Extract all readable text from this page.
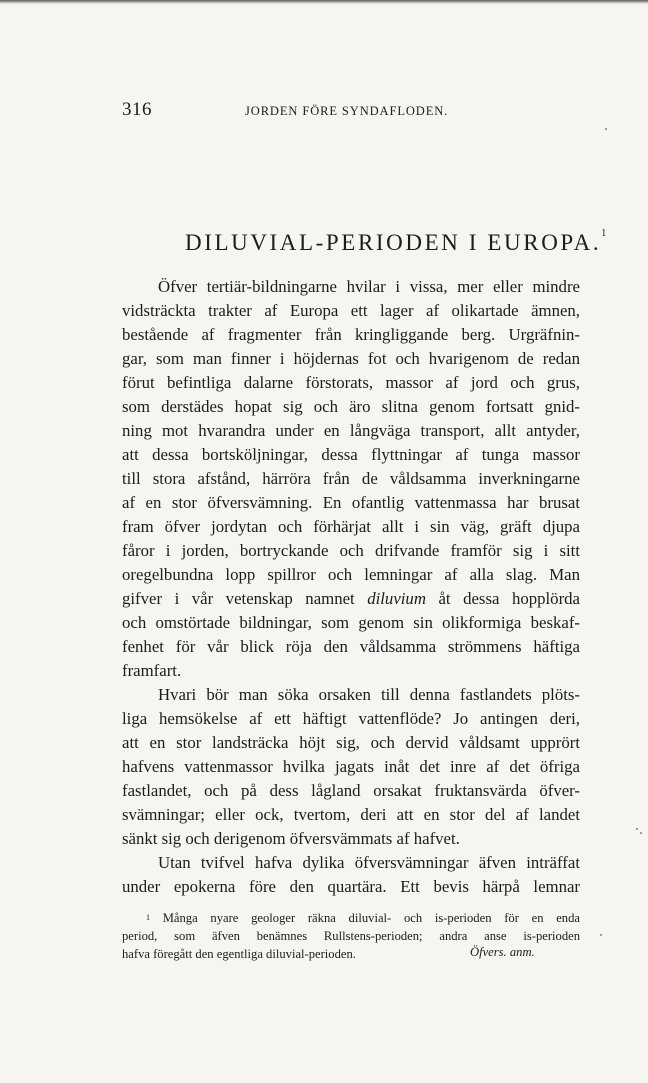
316	JORDEN FÖRE SYNDAFLODEN.
DILUVIAL-PERIODEN I EUROPA.$^1$
Öfver tertiär-bildningarne hvilar i vissa, mer eller mindre
vidsträckta trakter af Europa ett lager af olikartade ämnen,
bestående af fragmenter från kringliggande berg. Urgräfnin-
gar, som man finner i höjdernas fot och hvarigenom de redan
förut befintliga dalarne förstorats, massor af jord och grus,
som derstädes hopat sig och äro slitna genom fortsatt gnid-
ning mot hvarandra under en långväga transport, allt antyder,
att dessa bortsköljningar, dessa flyttningar af tunga massor
till stora afstånd, härröra från de våldsamma inverkningarne
af en stor öfversvämning. En ofantlig vattenmassa har brusat
fram öfver jordytan och förhärjat allt i sin väg, gräft djupa
fåror i jorden, bortryckande och drifvande framför sig i sitt
oregelbundna lopp spillror och lemningar af alla slag. Man
gifver i vår vetenskap namnet diluvium åt dessa hopplörda
och omstörtade bildningar, som genom sin olikformiga beskaf-
fenhet för vår blick röja den våldsamma strömmens häftiga
framfart.
Hvari bör man söka orsaken till denna fastlandets plöts-
liga hemsökelse af ett häftigt vattenflöde? Jo antingen deri,
att en stor landsträcka höjt sig, och dervid våldsamt upprört
hafvens vattenmassor hvilka jagats inåt det inre af det öfriga
fastlandet, och på dess lågland orsakat fruktansvärda öfver-
svämningar; eller ock, tvertom, deri att en stor del af landet
sänkt sig och derigenom öfversvämmats af hafvet.
Utan tvifvel hafva dylika öfversvämningar äfven inträffat
under epokerna före den quartära. Ett bevis härpå lemnar
$^1$ Många nyare geologer räkna diluvial- och is-perioden för en enda
period, som äfven benämnes Rullstens-perioden; andra anse is-perioden
hafva föregått den egentliga diluvial-perioden.	Öfvers. anm.
